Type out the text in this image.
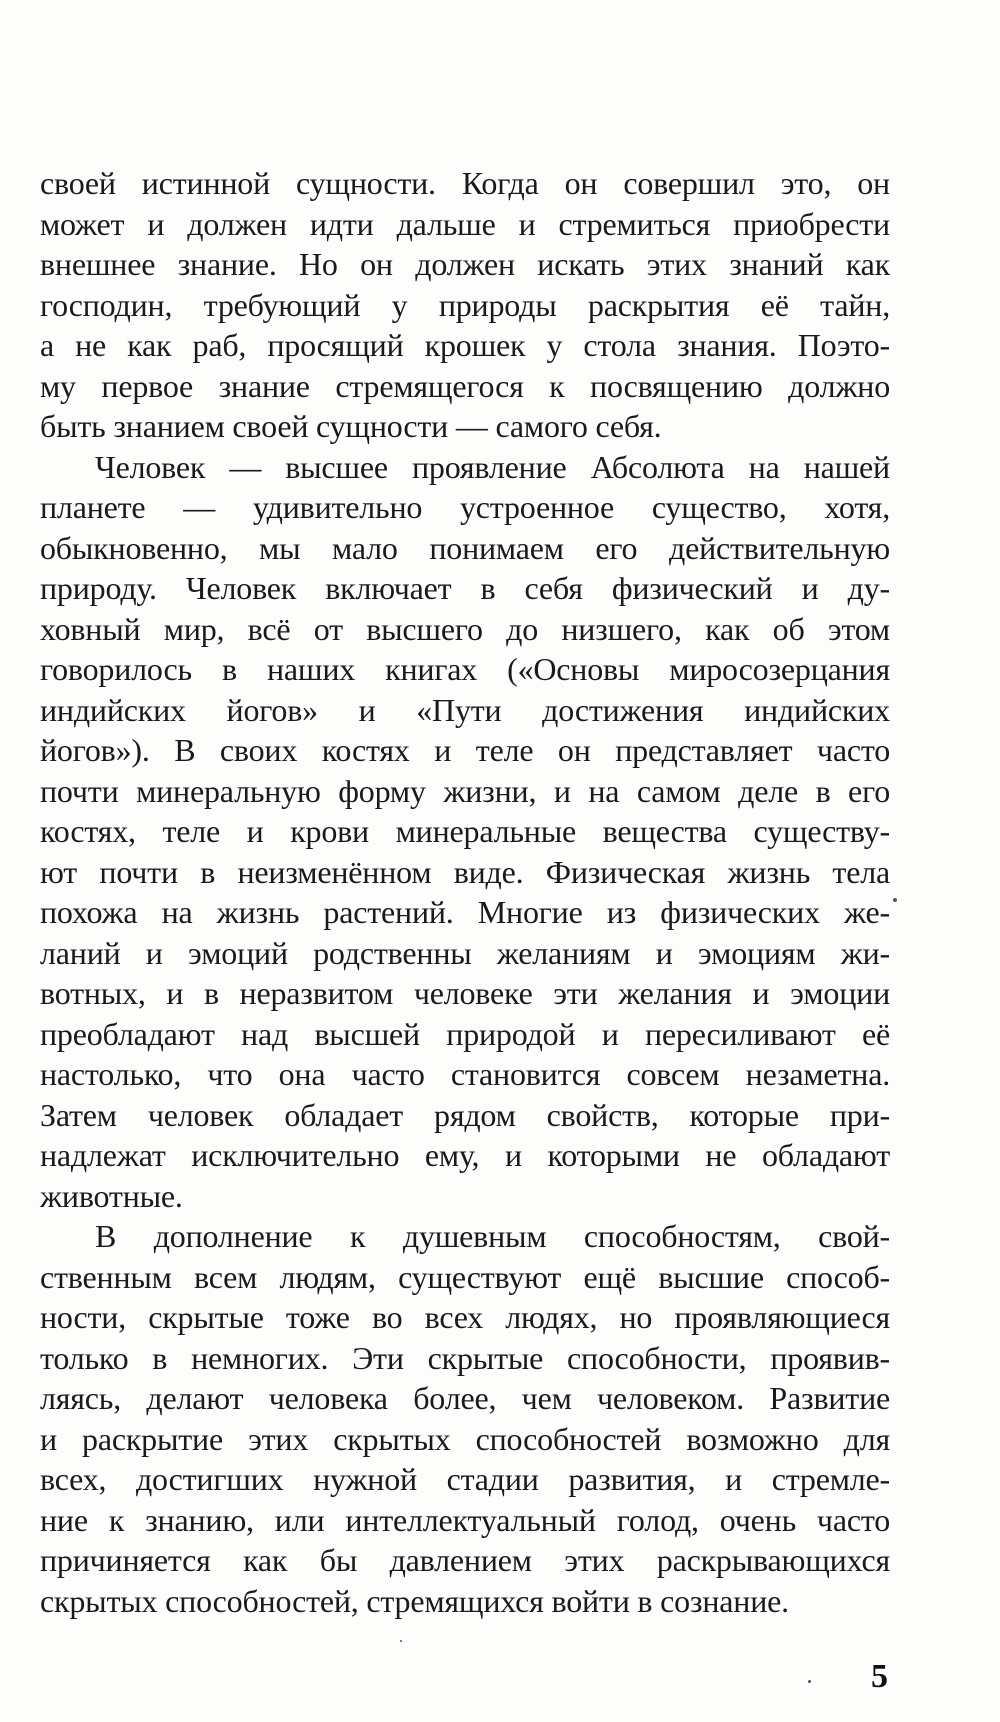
своей истинной сущности. Когда он совершил это, он
может и должен идти дальше и стремиться приобрести
внешнее знание. Но он должен искать этих знаний как
господин, требующий у природы раскрытия её тайн,
а не как раб, просящий крошек у стола знания. Поэто-
му первое знание стремящегося к посвящению должно
быть знанием своей сущности — самого себя.
Человек — высшее проявление Абсолюта на нашей
планете — удивительно устроенное существо, хотя,
обыкновенно, мы мало понимаем его действительную
природу. Человек включает в себя физический и ду-
ховный мир, всё от высшего до низшего, как об этом
говорилось в наших книгах («Основы миросозерцания
индийских йогов» и «Пути достижения индийских
йогов»). В своих костях и теле он представляет часто
почти минеральную форму жизни, и на самом деле в его
костях, теле и крови минеральные вещества существу-
ют почти в неизменённом виде. Физическая жизнь тела
похожа на жизнь растений. Многие из физических же-
ланий и эмоций родственны желаниям и эмоциям жи-
вотных, и в неразвитом человеке эти желания и эмоции
преобладают над высшей природой и пересиливают её
настолько, что она часто становится совсем незаметна.
Затем человек обладает рядом свойств, которые при-
надлежат исключительно ему, и которыми не обладают
животные.
В дополнение к душевным способностям, свой-
ственным всем людям, существуют ещё высшие способ-
ности, скрытые тоже во всех людях, но проявляющиеся
только в немногих. Эти скрытые способности, проявив-
ляясь, делают человека более, чем человеком. Развитие
и раскрытие этих скрытых способностей возможно для
всех, достигших нужной стадии развития, и стремле-
ние к знанию, или интеллектуальный голод, очень часто
причиняется как бы давлением этих раскрывающихся
скрытых способностей, стремящихся войти в сознание.
5
